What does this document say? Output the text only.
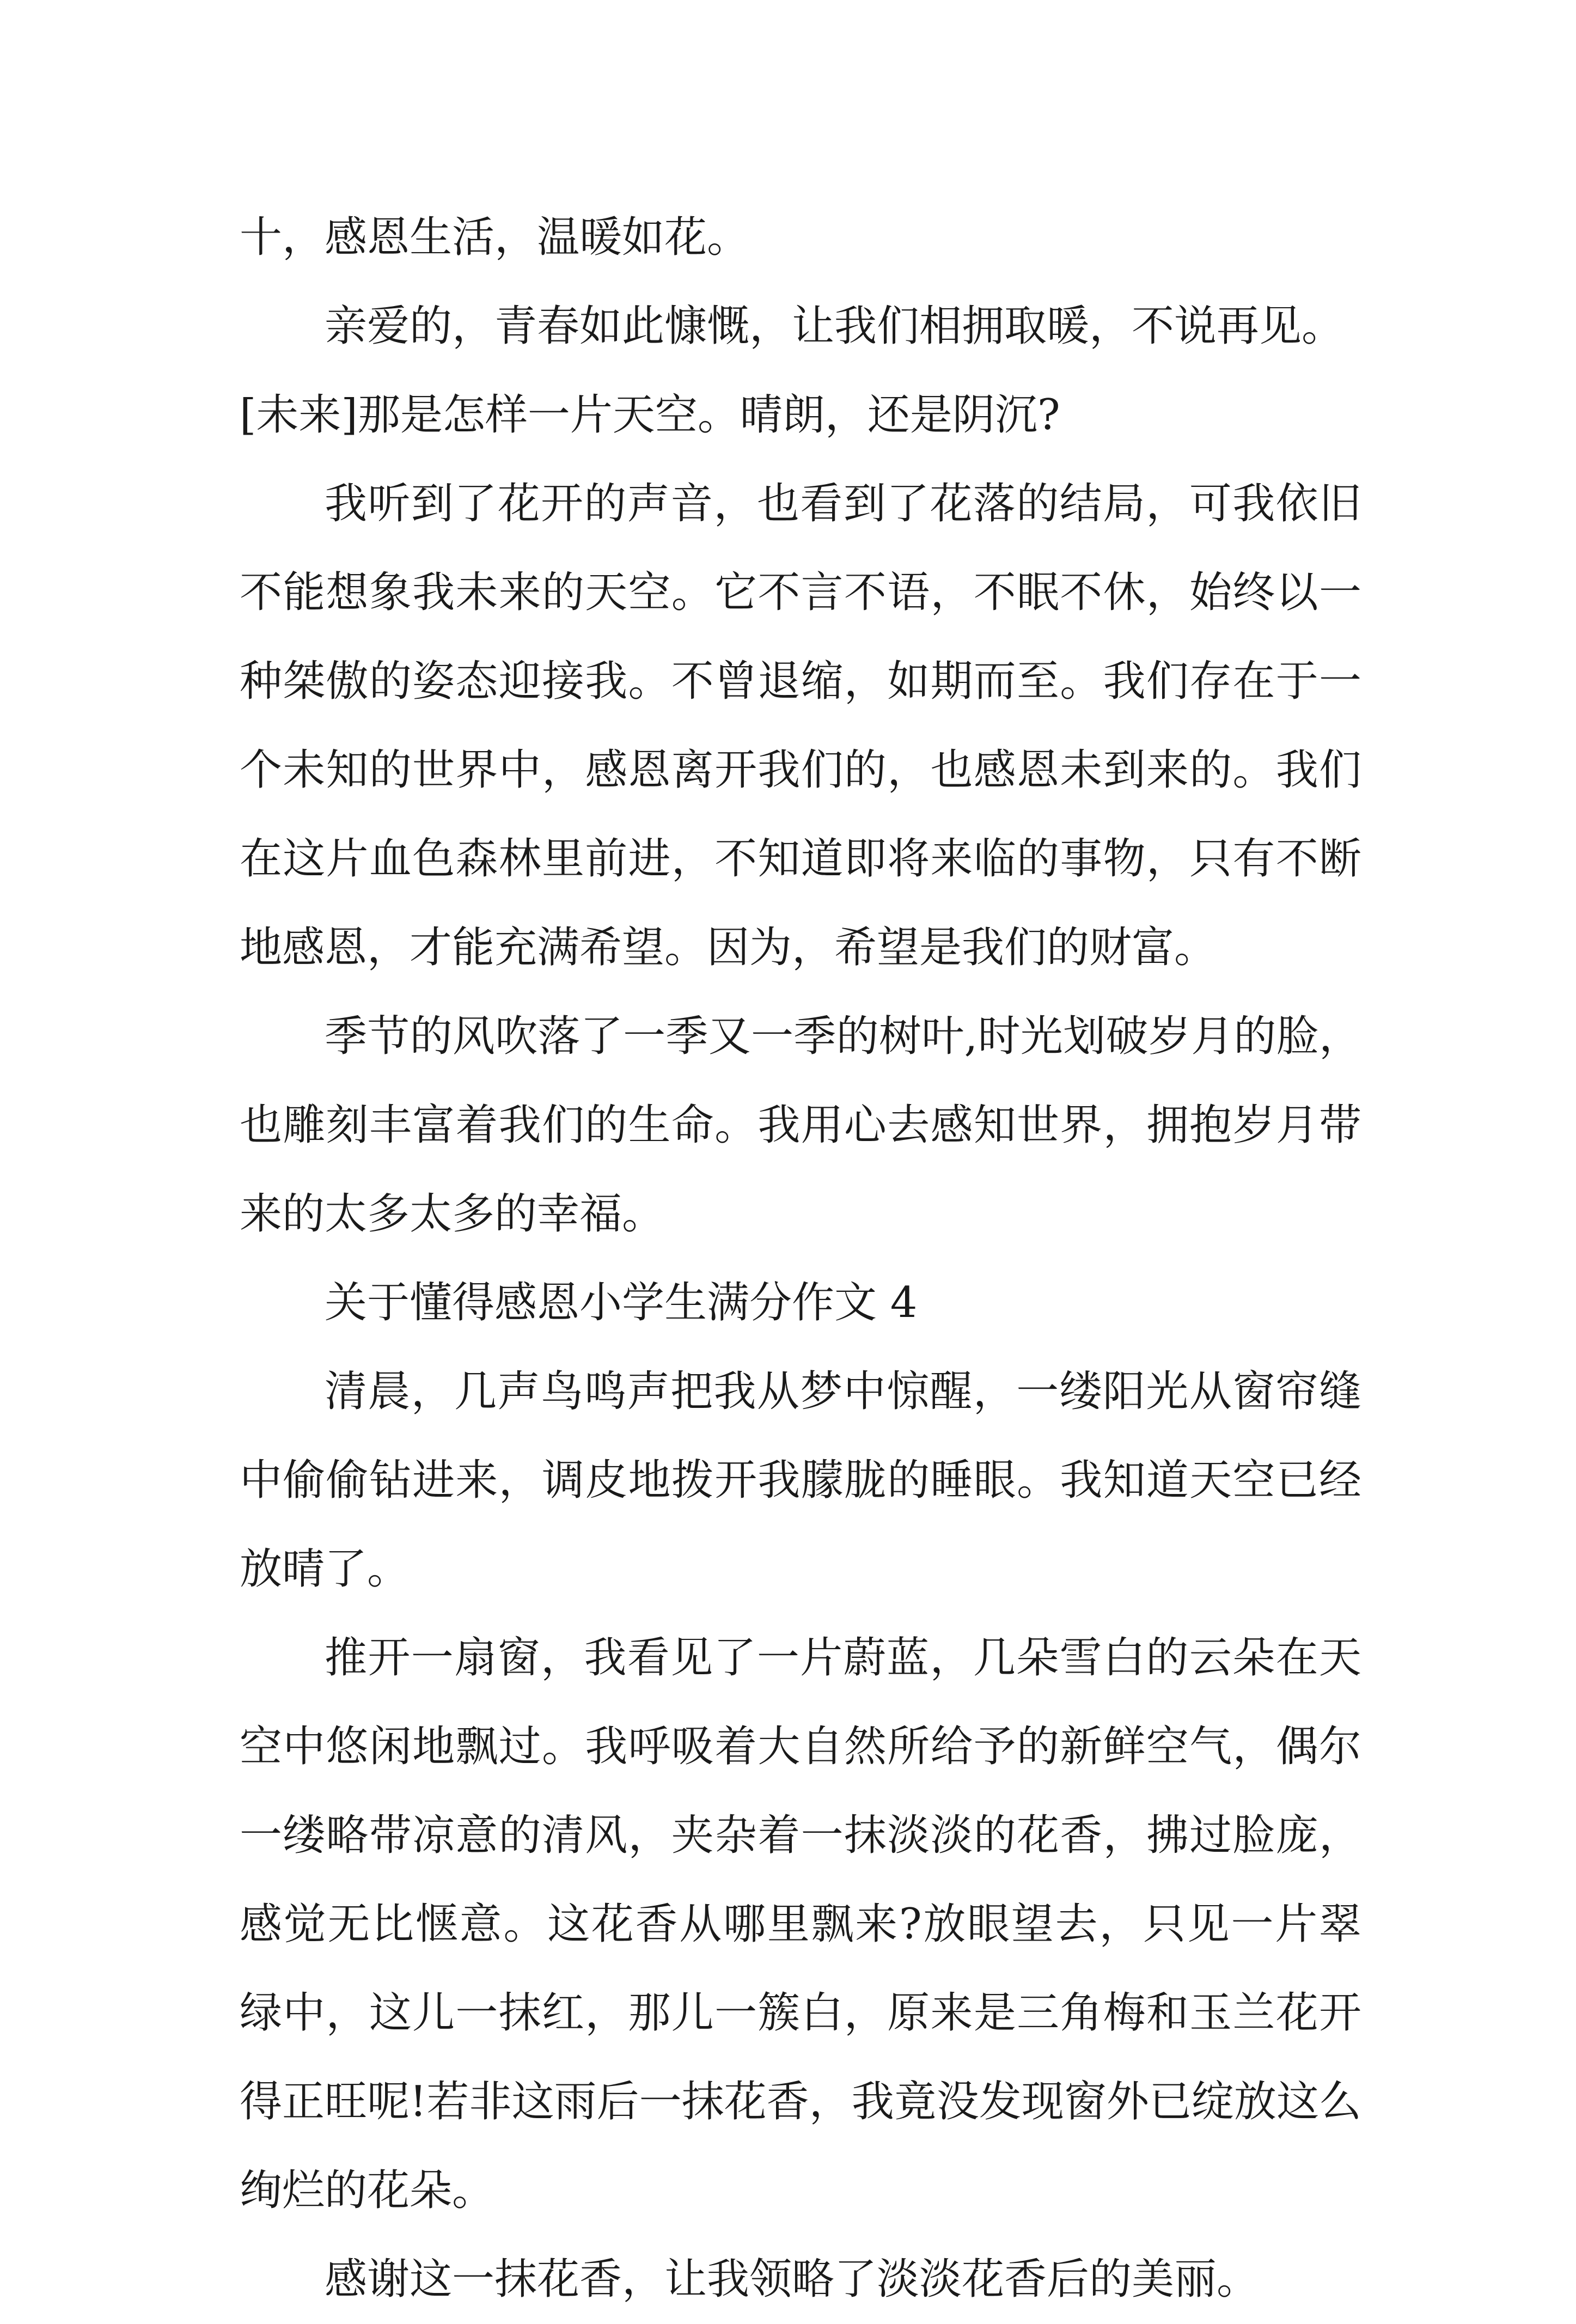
十，感恩生活，温暖如花。

亲爱的，青春如此慷慨，让我们相拥取暖，不说再见。

[未来]那是怎样一片天空。晴朗，还是阴沉?

我听到了花开的声音，也看到了花落的结局，可我依旧不能想象我未来的天空。它不言不语，不眠不休，始终以一种桀傲的姿态迎接我。不曾退缩，如期而至。我们存在于一个未知的世界中，感恩离开我们的，也感恩未到来的。我们在这片血色森林里前进，不知道即将来临的事物，只有不断地感恩，才能充满希望。因为，希望是我们的财富。

季节的风吹落了一季又一季的树叶,时光划破岁月的脸，也雕刻丰富着我们的生命。我用心去感知世界，拥抱岁月带来的太多太多的幸福。

关于懂得感恩小学生满分作文 4

清晨，几声鸟鸣声把我从梦中惊醒，一缕阳光从窗帘缝中偷偷钻进来，调皮地拨开我朦胧的睡眼。我知道天空已经放晴了。

推开一扇窗，我看见了一片蔚蓝，几朵雪白的云朵在天空中悠闲地飘过。我呼吸着大自然所给予的新鲜空气，偶尔一缕略带凉意的清风，夹杂着一抹淡淡的花香，拂过脸庞，感觉无比惬意。这花香从哪里飘来?放眼望去，只见一片翠绿中，这儿一抹红，那儿一簇白，原来是三角梅和玉兰花开得正旺呢!若非这雨后一抹花香，我竟没发现窗外已绽放这么绚烂的花朵。

感谢这一抹花香，让我领略了淡淡花香后的美丽。
